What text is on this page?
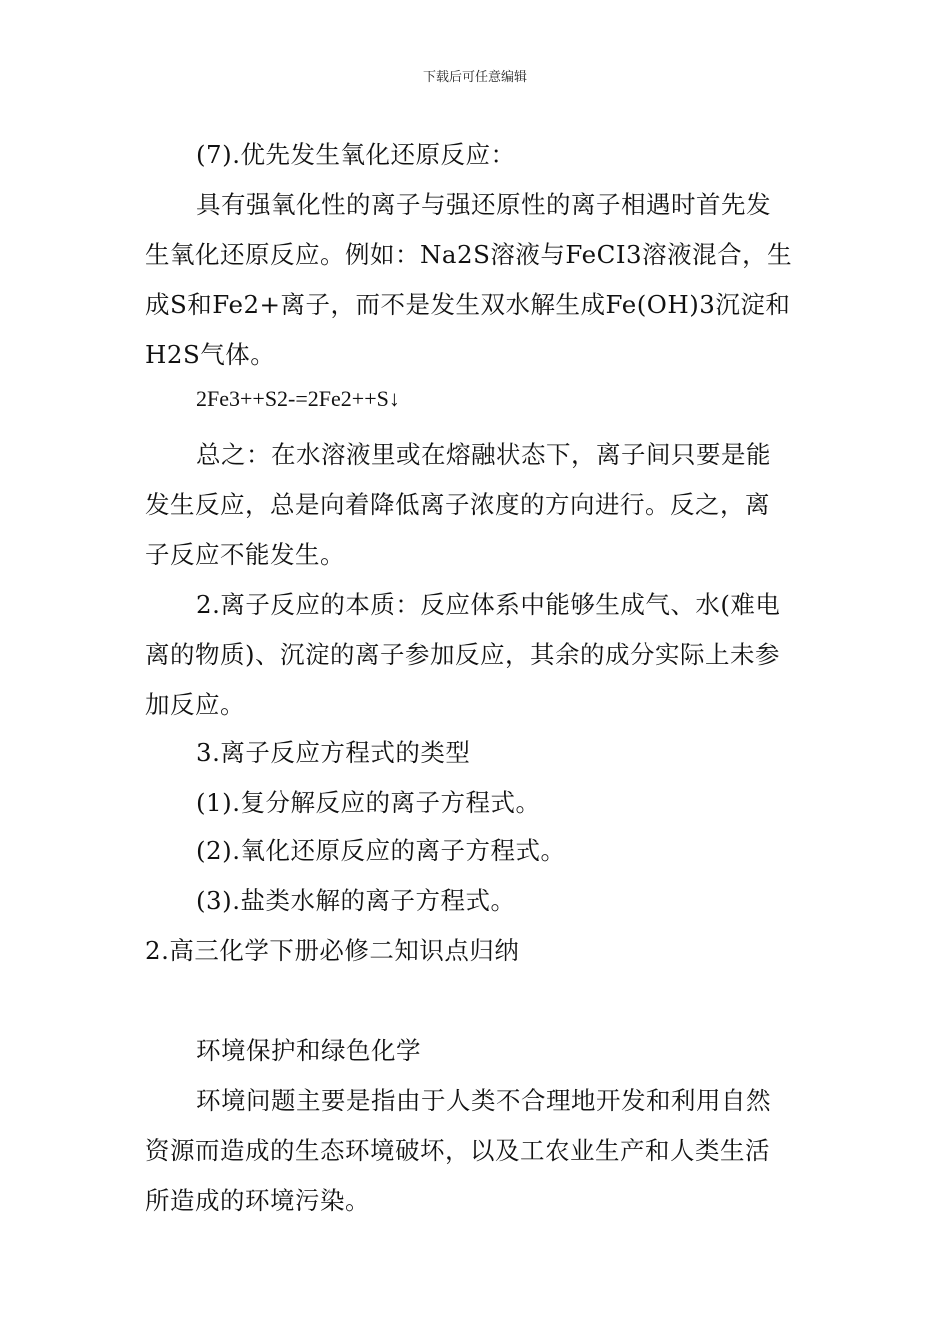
下载后可任意编辑
(7).优先发生氧化还原反应：
具有强氧化性的离子与强还原性的离子相遇时首先发
生氧化还原反应。例如：Na2S溶液与FeCI3溶液混合，生
成S和Fe2+离子，而不是发生双水解生成Fe(OH)3沉淀和
H2S气体。
2Fe3++S2-=2Fe2++S↓
总之：在水溶液里或在熔融状态下，离子间只要是能
发生反应，总是向着降低离子浓度的方向进行。反之，离
子反应不能发生。
2.离子反应的本质：反应体系中能够生成气、水(难电
离的物质)、沉淀的离子参加反应，其余的成分实际上未参
加反应。
3.离子反应方程式的类型
(1).复分解反应的离子方程式。
(2).氧化还原反应的离子方程式。
(3).盐类水解的离子方程式。
2.高三化学下册必修二知识点归纳
环境保护和绿色化学
环境问题主要是指由于人类不合理地开发和利用自然
资源而造成的生态环境破坏，以及工农业生产和人类生活
所造成的环境污染。
